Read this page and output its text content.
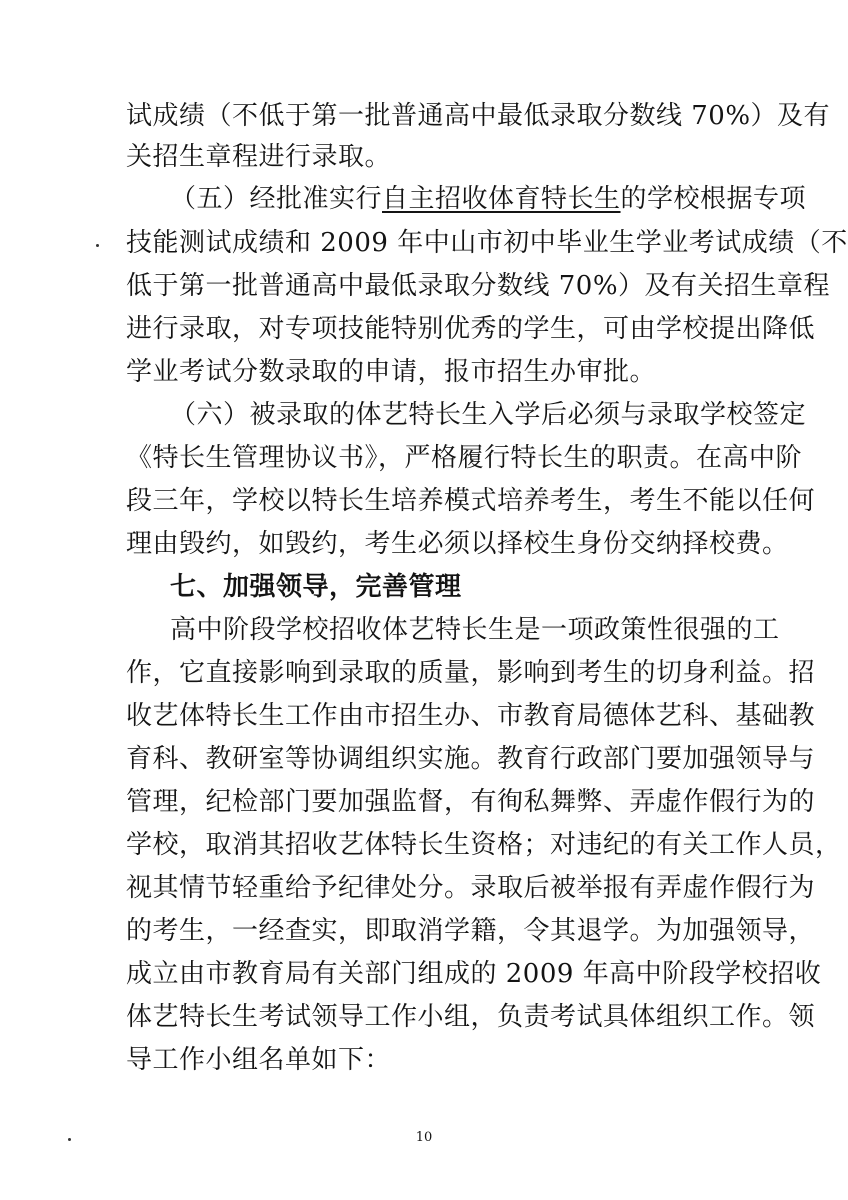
试成绩（不低于第一批普通高中最低录取分数线 70%）及有
关招生章程进行录取。
（五）经批准实行自主招收体育特长生的学校根据专项
技能测试成绩和 2009 年中山市初中毕业生学业考试成绩（不
低于第一批普通高中最低录取分数线 70%）及有关招生章程
进行录取，对专项技能特别优秀的学生，可由学校提出降低
学业考试分数录取的申请，报市招生办审批。
（六）被录取的体艺特长生入学后必须与录取学校签定
《特长生管理协议书》，严格履行特长生的职责。在高中阶
段三年，学校以特长生培养模式培养考生，考生不能以任何
理由毁约，如毁约，考生必须以择校生身份交纳择校费。
七、加强领导，完善管理
高中阶段学校招收体艺特长生是一项政策性很强的工
作，它直接影响到录取的质量，影响到考生的切身利益。招
收艺体特长生工作由市招生办、市教育局德体艺科、基础教
育科、教研室等协调组织实施。教育行政部门要加强领导与
管理，纪检部门要加强监督，有徇私舞弊、弄虚作假行为的
学校，取消其招收艺体特长生资格；对违纪的有关工作人员，
视其情节轻重给予纪律处分。录取后被举报有弄虚作假行为
的考生，一经查实，即取消学籍，令其退学。为加强领导，
成立由市教育局有关部门组成的 2009 年高中阶段学校招收
体艺特长生考试领导工作小组，负责考试具体组织工作。领
导工作小组名单如下：
10
